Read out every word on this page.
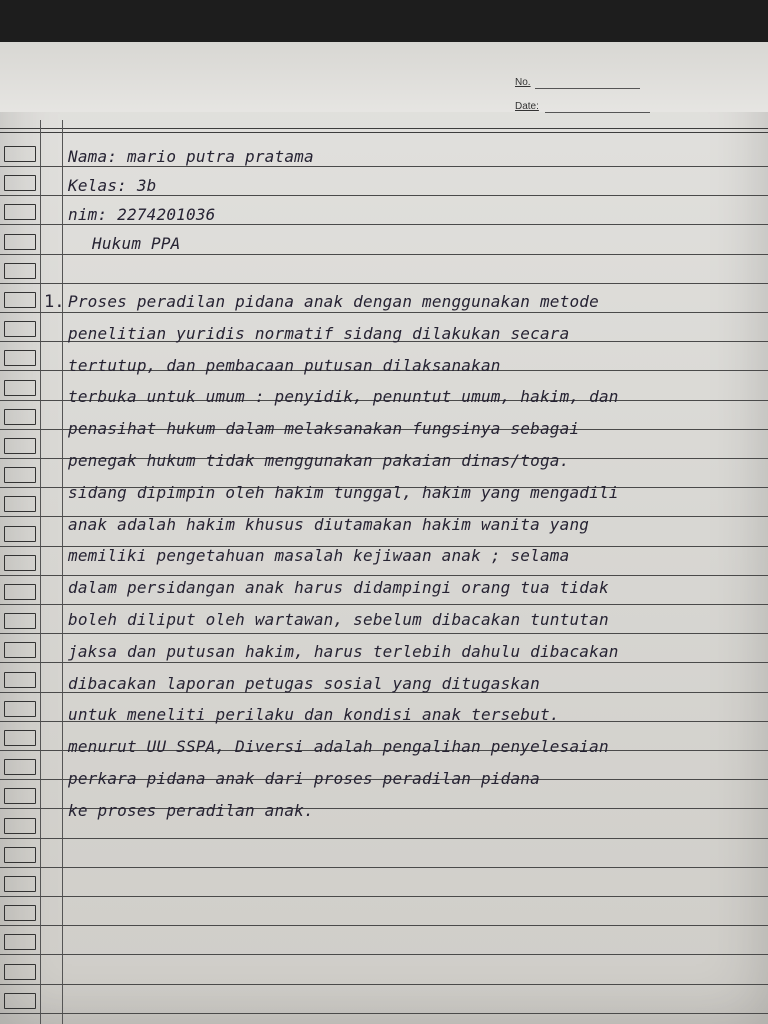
No.
Date:
Nama: mario putra pratama
Kelas: 3b
nim: 2274201036
Hukum PPA
1. Proses peradilan pidana anak dengan menggunakan metode
penelitian yuridis normatif sidang dilakukan secara
tertutup, dan pembacaan putusan dilaksanakan
terbuka untuk umum : penyidik, penuntut umum, hakim, dan
penasihat hukum dalam melaksanakan fungsinya sebagai
penegak hukum tidak menggunakan pakaian dinas/toga.
sidang dipimpin oleh hakim tunggal, hakim yang mengadili
anak adalah hakim khusus diutamakan hakim wanita yang
memiliki pengetahuan masalah kejiwaan anak ; selama
dalam persidangan anak harus didampingi orang tua tidak
boleh diliput oleh wartawan, sebelum dibacakan tuntutan
jaksa dan putusan hakim, harus terlebih dahulu dibacakan
dibacakan laporan petugas sosial yang ditugaskan
untuk meneliti perilaku dan kondisi anak tersebut.
menurut UU SSPA, Diversi adalah pengalihan penyelesaian
perkara pidana anak dari proses peradilan pidana
ke proses peradilan anak.
